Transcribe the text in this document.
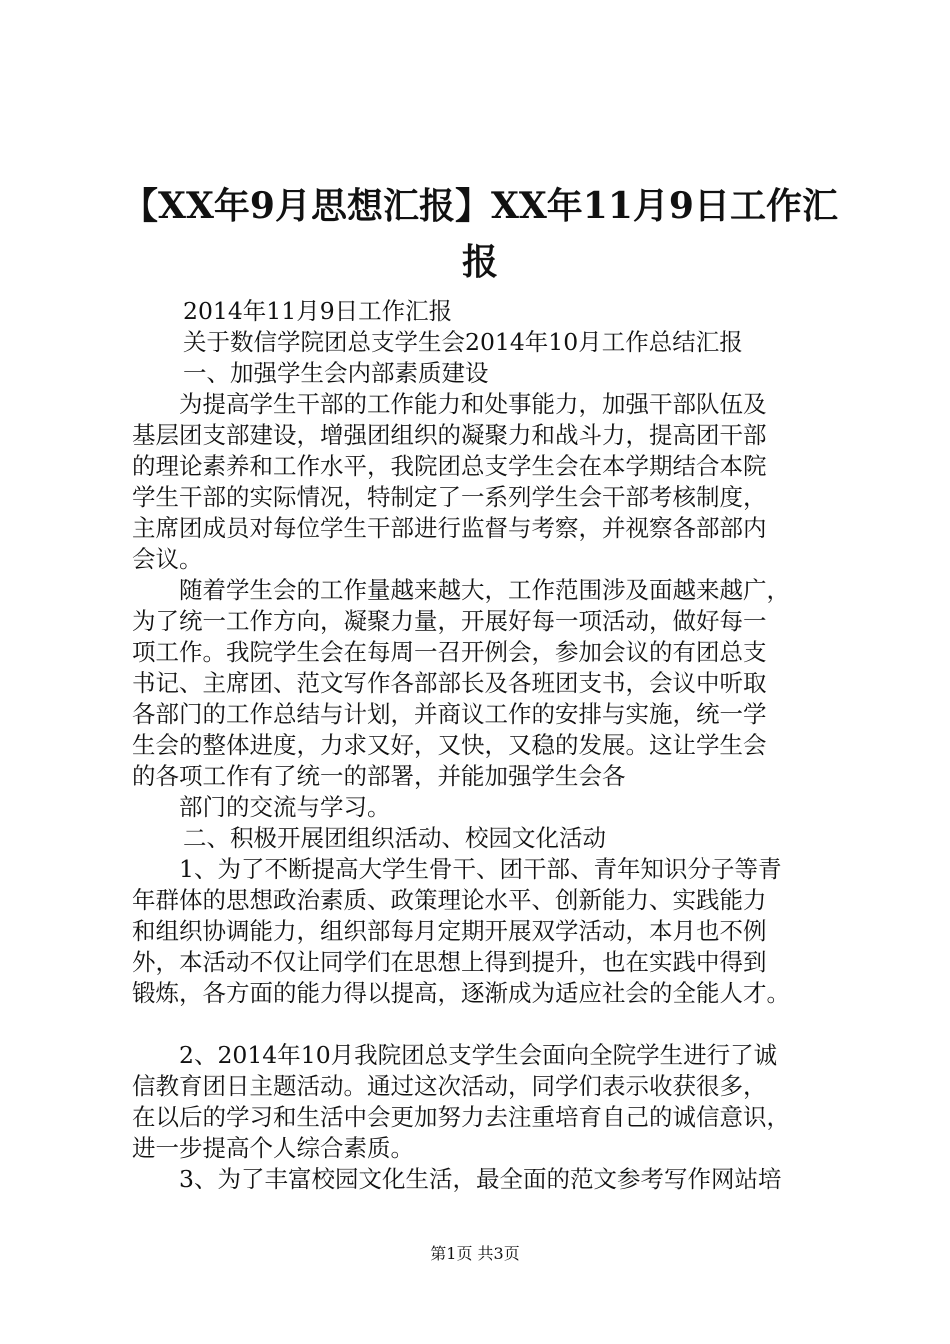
【XX年9月思想汇报】XX年11月9日工作汇
报
2014年11月9日工作汇报
关于数信学院团总支学生会2014年10月工作总结汇报
一、加强学生会内部素质建设
为提高学生干部的工作能力和处事能力，加强干部队伍及
基层团支部建设，增强团组织的凝聚力和战斗力，提高团干部
的理论素养和工作水平，我院团总支学生会在本学期结合本院
学生干部的实际情况，特制定了一系列学生会干部考核制度，
主席团成员对每位学生干部进行监督与考察，并视察各部部内
会议。
随着学生会的工作量越来越大，工作范围涉及面越来越广，
为了统一工作方向，凝聚力量，开展好每一项活动，做好每一
项工作。我院学生会在每周一召开例会，参加会议的有团总支
书记、主席团、范文写作各部部长及各班团支书，会议中听取
各部门的工作总结与计划，并商议工作的安排与实施，统一学
生会的整体进度，力求又好，又快，又稳的发展。这让学生会
的各项工作有了统一的部署，并能加强学生会各
部门的交流与学习。
二、积极开展团组织活动、校园文化活动
1、为了不断提高大学生骨干、团干部、青年知识分子等青
年群体的思想政治素质、政策理论水平、创新能力、实践能力
和组织协调能力，组织部每月定期开展双学活动，本月也不例
外，本活动不仅让同学们在思想上得到提升，也在实践中得到
锻炼，各方面的能力得以提高，逐渐成为适应社会的全能人才。
2、2014年10月我院团总支学生会面向全院学生进行了诚
信教育团日主题活动。通过这次活动，同学们表示收获很多，
在以后的学习和生活中会更加努力去注重培育自己的诚信意识，
进一步提高个人综合素质。
3、为了丰富校园文化生活，最全面的范文参考写作网站培
第1页 共3页
